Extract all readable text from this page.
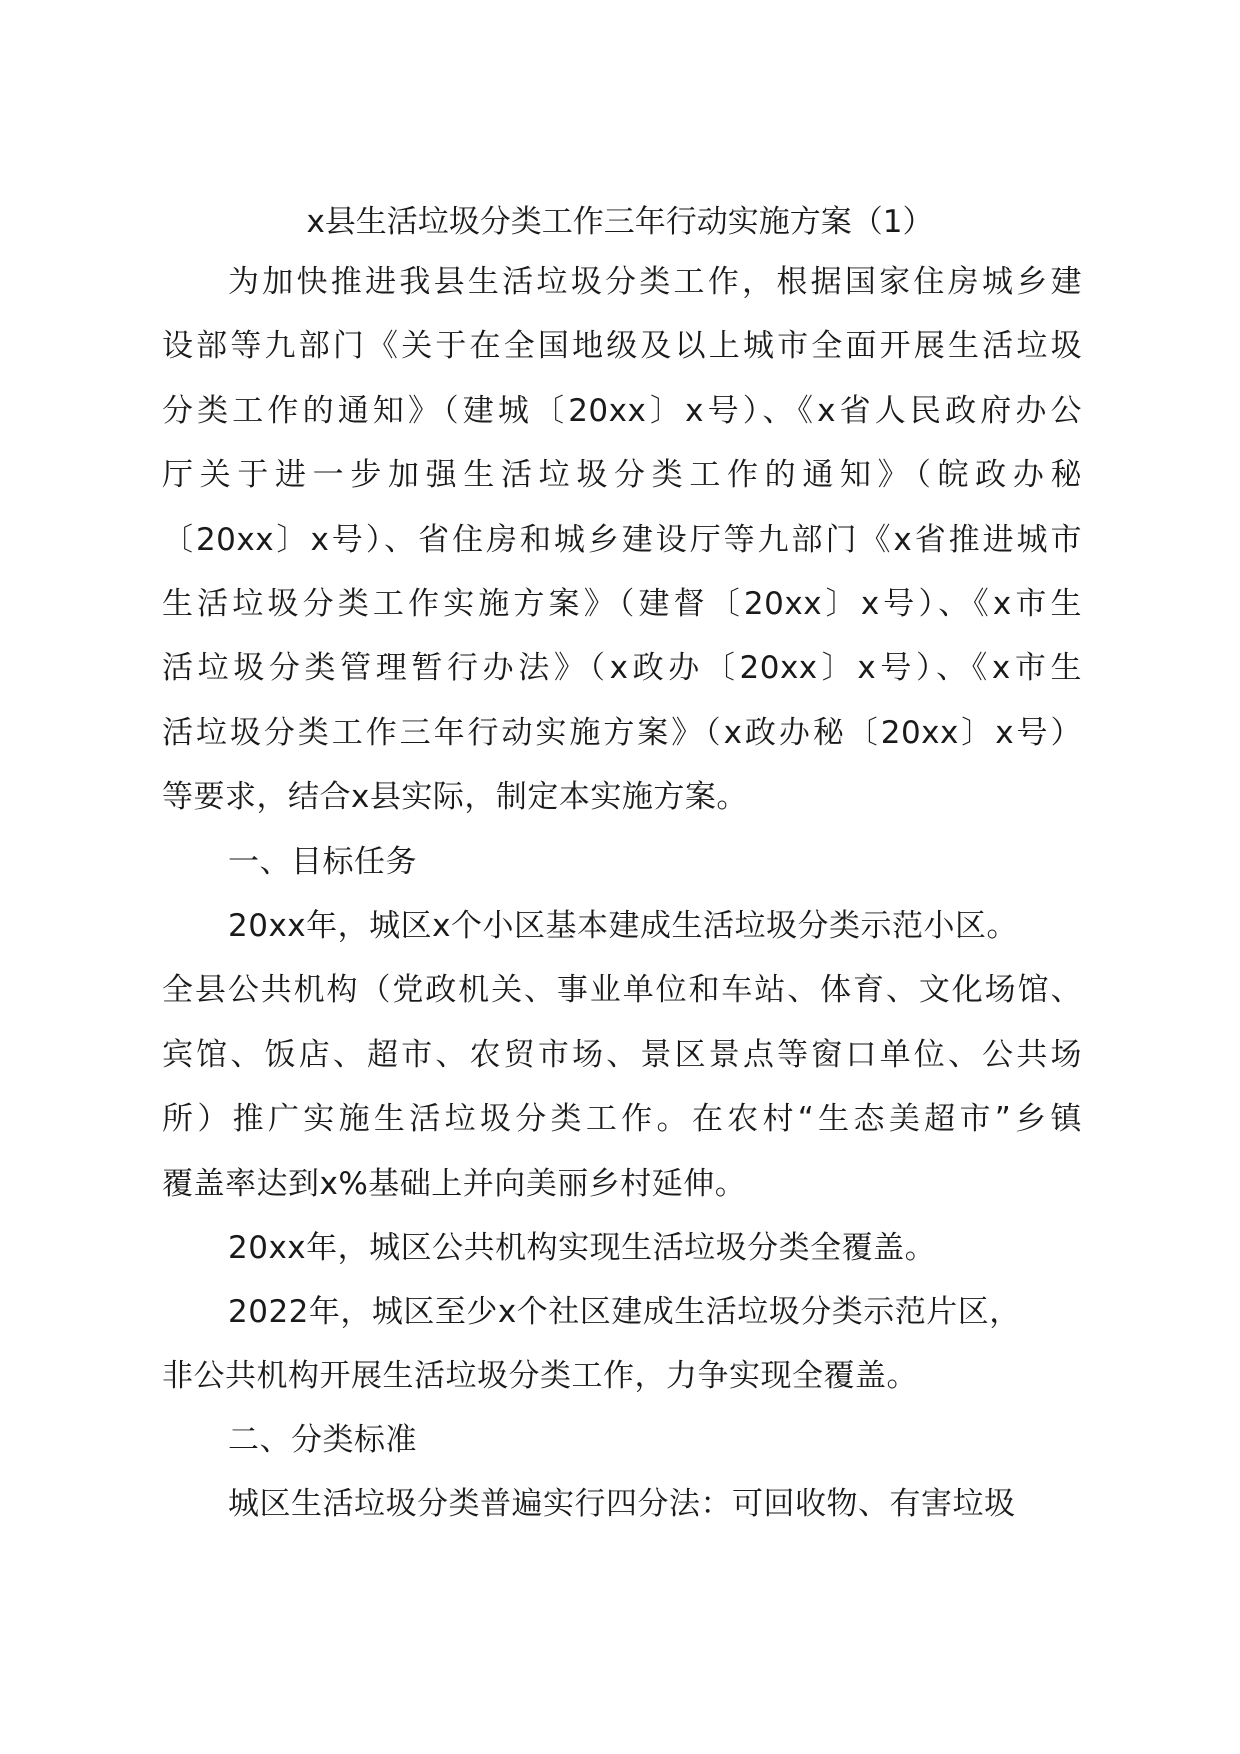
x县生活垃圾分类工作三年行动实施方案（1）
为加快推进我县生活垃圾分类工作，根据国家住房城乡建
设部等九部门《关于在全国地级及以上城市全面开展生活垃圾
分类工作的通知》（建城〔20xx〕x号）、《x省人民政府办公
厅关于进一步加强生活垃圾分类工作的通知》（皖政办秘
〔20xx〕x号）、省住房和城乡建设厅等九部门《x省推进城市
生活垃圾分类工作实施方案》（建督〔20xx〕x号）、《x市生
活垃圾分类管理暂行办法》（x政办〔20xx〕x号）、《x市生
活垃圾分类工作三年行动实施方案》（x政办秘〔20xx〕x号）
等要求，结合x县实际，制定本实施方案。
一、目标任务
20xx年，城区x个小区基本建成生活垃圾分类示范小区。
全县公共机构（党政机关、事业单位和车站、体育、文化场馆、
宾馆、饭店、超市、农贸市场、景区景点等窗口单位、公共场
所）推广实施生活垃圾分类工作。在农村“生态美超市”乡镇
覆盖率达到x%基础上并向美丽乡村延伸。
20xx年，城区公共机构实现生活垃圾分类全覆盖。
2022年，城区至少x个社区建成生活垃圾分类示范片区，
非公共机构开展生活垃圾分类工作，力争实现全覆盖。
二、分类标准
城区生活垃圾分类普遍实行四分法：可回收物、有害垃圾
